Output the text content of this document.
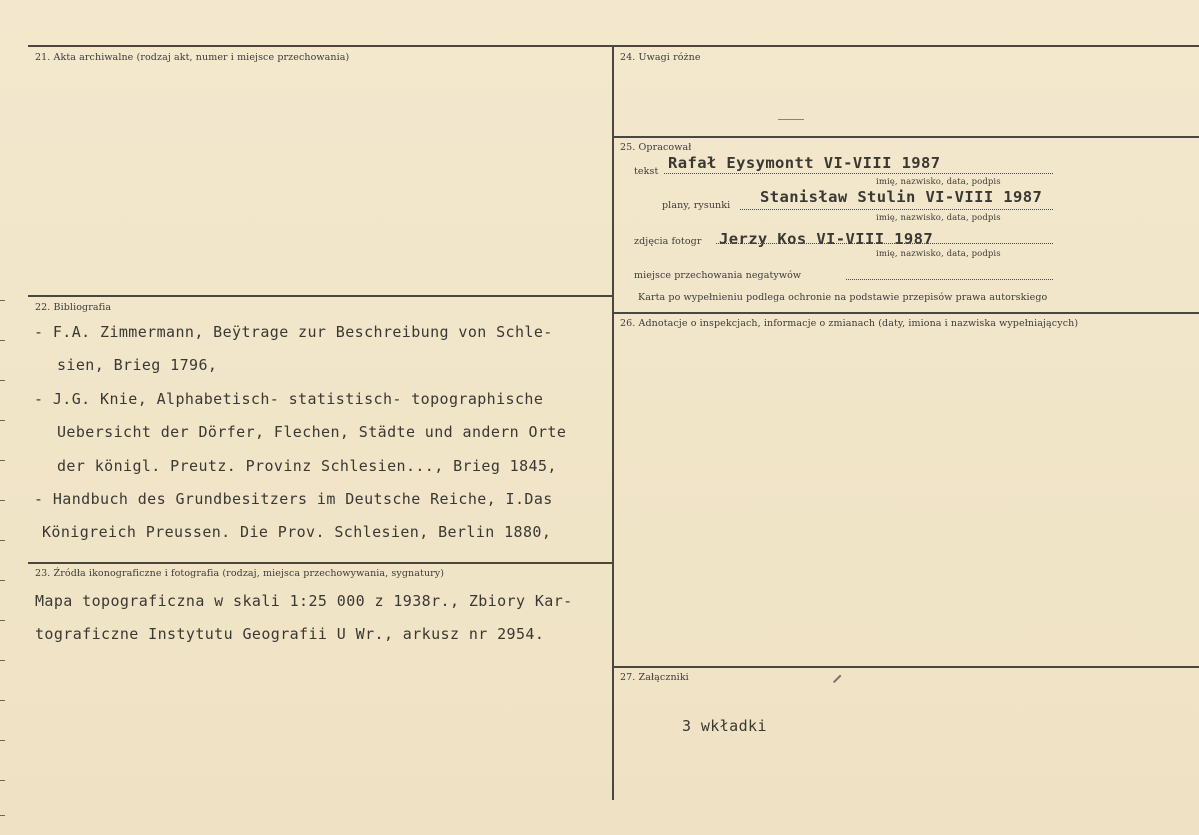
21. Akta archiwalne (rodzaj akt, numer i miejsce przechowania)
22. Bibliografia
- F.A. Zimmermann, Beÿtrage zur Beschreibung von Schle-
sien, Brieg 1796,
- J.G. Knie, Alphabetisch- statistisch- topographische
Uebersicht der Dörfer, Flechen, Städte und andern Orte
der königl. Preutz. Provinz Schlesien..., Brieg 1845,
- Handbuch des Grundbesitzers im Deutsche Reiche, I.Das
Königreich Preussen. Die Prov. Schlesien, Berlin 1880,
23. Źródła ikonograficzne i fotografia (rodzaj, miejsca przechowywania, sygnatury)
Mapa topograficzna w skali 1:25 000 z 1938r., Zbiory Kar-
tograficzne Instytutu Geografii U Wr., arkusz nr 2954.
24. Uwagi różne
25. Opracował
tekst Rafał Eysymontt VI-VIII 1987
imię, nazwisko, data, podpis
plany, rysunki Stanisław Stulin VI-VIII 1987
imię, nazwisko, data, podpis
zdjęcia fotogr Jerzy Kos VI-VIII 1987
imię, nazwisko, data, podpis
miejsce przechowania negatywów
Karta po wypełnieniu podlega ochronie na podstawie przepisów prawa autorskiego
26. Adnotacje o inspekcjach, informacje o zmianach (daty, imiona i nazwiska wypełniających)
27. Załączniki
3 wkładki
